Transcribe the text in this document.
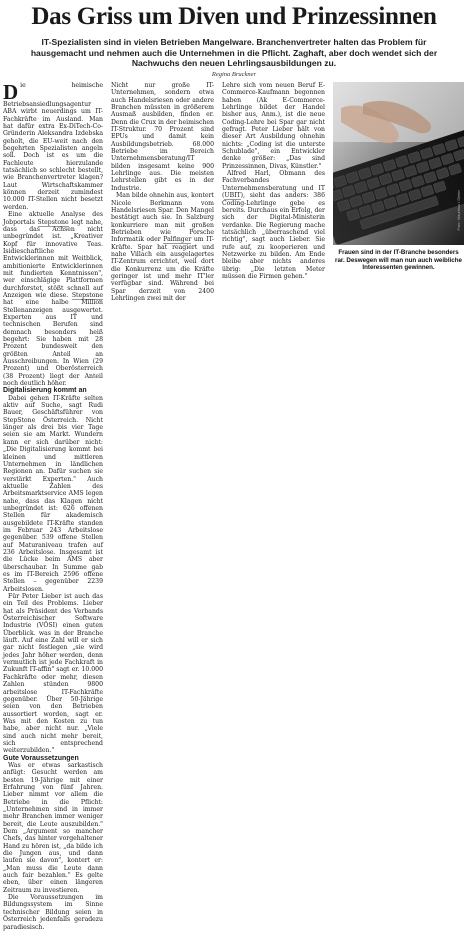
Das Griss um Diven und Prinzessinnen
IT-Spezialisten sind in vielen Betrieben Mangelware. Branchenvertreter halten das Problem für hausgemacht und nehmen auch die Unternehmen in die Pflicht. Zaghaft, aber doch wendet sich der Nachwuchs den neuen Lehrlingsausbildungen zu.
Regina Bruckner

Die heimische Betriebsansiedlungsagentur ABA wirbt neuerdings um IT-Fachkräfte im Ausland. Man hat dafür extra Ex-DiTech-Co-Gründerin Aleksandra Izdebska geholt, die EU-weit nach den begehrten Spezialisten angeln soll. Doch ist es um die Fachleute hierzulande tatsächlich so schlecht bestellt, wie Branchenvertreter klagen? Laut Wirtschaftskammer können derzeit zumindest 10.000 IT-Stellen nicht besetzt werden.

Eine aktuelle Analyse des Jobportals Stepstone legt nahe, dass das Achsen nicht unbegründet ist. „Kreativer Kopf für innovative Teas. Isidieschaftliche Entwicklerinnen mit Weitblick, ambitionierte Entwicklerinnen mit fundierten Kenntnissen", wer einschlägige Plattformen durchforstet, stößt schnell auf Anzeigen wie diese. Stepstone hat eine halbe Million Stellenanzeigen ausgewertet. Experten aus IT und technischen Berufen sind demnach besonders heiß begehrt: Sie haben mit 28 Prozent bundesweit den größten Anteil an Ausschreibungen. In Wien (29 Prozent) und Oberösterreich (38 Prozent) liegt der Anteil noch deutlich höher.

Digitalisierung kommt an

Dabei gehen IT-Kräfte selten aktiv auf Suche, sagt Rudi Bauer, Geschäftsführer von StepStone Österreich. Nicht länger als drei bis vier Tage seien sie am Markt. Wundern kann er sich darüber nicht: „Die Digitalisierung kommt bei kleinen und mittleren Unternehmen in ländlichen Regionen an. Dafür suchen sie verstärkt Experten." Auch aktuelle Zahlen des Arbeitsmarktservice AMS legen nahe, dass das Klagen nicht unbegründet ist: 626 offenen Stellen für akademisch ausgebildete IT-Kräfte standen im Februar 243 Arbeitslose gegenüber. 539 offene Stellen auf Maturaniveau trafen auf 236 Arbeitslose. Insgesamt ist die Lücke beim AMS aber überschaubar. In Summe gab es im IT-Bereich 2596 offene Stellen – gegenüber 2239 Arbeitslosen.

Für Peter Lieber ist auch das ein Teil des Problems. Lieber hat als Präsident des Verbands Österreichischer Software Industrie (VÖSI) einen guten Überblick. was in der Branche läuft. Auf eine Zahl will er sich gar nicht festlegen „sie wird jedes Jahr höher werden, denn vermutlich ist jede Fachkraft in Zukunft IT-affin" sagt er. 10.000 Fachkräfte oder mehr, diesen Zahlen stünden 9800 arbeitslose IT-Fachkräfte gegenüber. Über 50-Jährige seien von den Betrieben aussortiert worden, sagt er. Was mit den Kosten zu tun habe, aber nicht nur. „Viele sind auch nicht mehr bereit, sich entsprechend weiterzubilden."

Gute Voraussetzungen

Was er etwas sarkastisch anfügt: Gesucht werden am besten 19-Jährige mit einer Erfahrung von fünf Jahren. Lieber nimmt vor allem die Betriebe in die Pflicht: „Unternehmen sind in immer mehr Branchen immer weniger bereit, die Leute auszubilden." Dem „Argument so mancher Chefs, das hinter vorgehaltener Hand zu hören ist, „da bilde ich die Jungen aus, und dann laufen sie davon", kontert er: „Man muss die Leute dann auch fair bezahlen." Es gelte eben, über einen längeren Zeitraum zu investieren.

Die Voraussetzungen im Bildungssystem im Sinne technischer Bildung seien in Österreich jedenfalls geradezu paradiesisch.

Nicht nur große IT-Unternehmen, sondern etwa auch Handelsriesen oder andere Branchen müssten in größerem Ausmaß ausbilden, finden er. Denn die Crux in der heimischen IT-Struktur. 70 Prozent sind EPUs und damit kein Ausbildungsbetrieb. 68.000 Betriebe im Bereich Unternehmensberatung/IT bilden insgesamt keine 900 Lehrlinge aus. Die meisten Lehrstellen gibt es in der Industrie.

Man bilde ohnehin aus, kontert Nicole Berkmann vom Handelsriesen Spar. Den Mangel bestätigt auch sie. In Salzburg konkurriere man mit großen Betrieben wie Porsche Informatik oder Palfinger um IT-Kräfte. Spar hat reagiert und nahe Villach ein ausgelagertes IT-Zentrum errichtet, weil dort die Konkurrenz um die Kräfte geringer ist und mehr IT'ler verfügbar sind. Während bei Spar derzeit von 2400 Lehrlingen zwei mit der

Lehre sich vom neuen Beruf E-Commerce-Kaufmann begonnen haben (Ak E-Commerce-Lehrlinge bildet der Handel bisher aus, Anm.), ist die neue Coding-Lehre bei Spar gar nicht gefragt. Peter Lieber hält von dieser Art Ausbildung ohnehin nichts: „Coding ist die unterste Schublade", ein Entwickler denke größer: „Das sind Prinzessinnen, Divas, Künstler."

Alfred Harl, Obmann des Fachverbandes Unternehmensberatung und IT (UBIT), sieht das anders: 386 Coding-Lehrlinge gebe es bereits. Durchaus ein Erfolg, der sich der Digital-Ministerin verdanke. Die Regierung mache tatsächlich „überraschend viel richtig", sagt auch Lieber. Sie rufe auf, zu kooperieren und Netzwerke zu bilden. Am Ende bleibe aber nichts anderes übrig: „Die letzten Meter müssen die Firmen gehen."

Foto: Mauritius / Dieter
Frauen sind in der IT-Branche besonders rar. Deswegen will man nun auch weibliche Interessenten gewinnen.
